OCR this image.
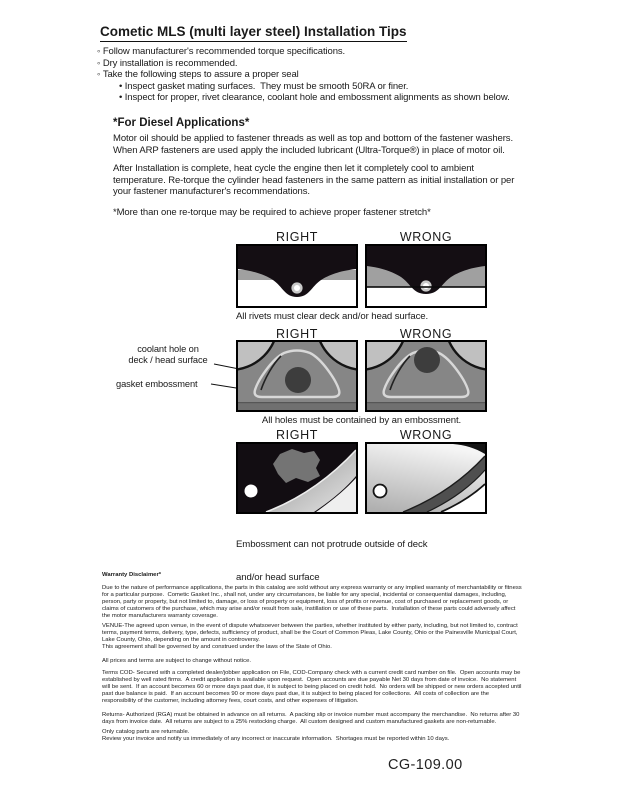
Cometic MLS (multi layer steel) Installation Tips
◦ Follow manufacturer's recommended torque specifications.
◦ Dry installation is recommended.
◦ Take the following steps to assure a proper seal
• Inspect gasket mating surfaces.  They must be smooth 50RA or finer.
• Inspect for proper, rivet clearance, coolant hole and embossment alignments as shown below.
*For Diesel Applications*
Motor oil should be applied to fastener threads as well as top and bottom of the fastener washers. When ARP fasteners are used apply the included lubricant (Ultra-Torque®) in place of motor oil.
After Installation is complete, heat cycle the engine then let it completely cool to ambient temperature. Re-torque the cylinder head fasteners in the same pattern as initial installation or per your fastener manufacturer's recommendations.
*More than one re-torque may be required to achieve proper fastener stretch*
RIGHT	WRONG
All rivets must clear deck and/or head surface.
RIGHT	WRONG
coolant hole on
deck / head surface
gasket embossment
All holes must be contained by an embossment.
RIGHT	WRONG

Embossment can not protrude outside of deck

and/or head surface

Warranty Disclaimer*
Due to the nature of performance applications, the parts in this catalog are sold without any express warranty or any implied warranty of merchantability or fitness for a particular purpose.  Cometic Gasket Inc., shall not, under any circumstances, be liable for any special, incidental or consequential damages, including, person, party or property, but not limited to, damage, or loss of property or equipment, loss of profits or revenue, cost of purchased or replacement goods, or claims of customers of the purchase, which may arise and/or result from sale, instillation or use of these parts.  Installation of these parts could adversely affect the motor manufacturers warranty coverage.
VENUE-The agreed upon venue, in the event of dispute whatsoever between the parties, whether instituted by either party, including, but not limited to, contract terms, payment terms, delivery, type, defects, sufficiency of product, shall be the Court of Common Pleas, Lake County, Ohio or the Painesville Municipal Court, Lake County, Ohio, depending on the amount in controversy.
This agreement shall be governed by and construed under the laws of the State of Ohio.
All prices and terms are subject to change without notice.
Terms COD- Secured with a completed dealer/jobber application on File, COD-Company check with a current credit card number on file.  Open accounts may be established by well rated firms.  A credit application is available upon request.  Open accounts are due payable Net 30 days from date of invoice.  No statement will be sent.  If an account becomes 60 or more days past due, it is subject to being placed on credit hold.  No orders will be shipped or new orders accepted until past due balance is paid.  If an account becomes 90 or more days past due, it is subject to being placed for collections.  All costs of collection are the responsibility of the customer, including attorney fees, court costs, and other expenses of litigation.
Returns- Authorized (RGA) must be obtained in advance on all returns.  A packing slip or invoice number must accompany the merchandise.  No returns after 30 days from invoice date.  All returns are subject to a 25% restocking charge.  All custom designed and custom manufactured gaskets are non-returnable.
Only catalog parts are returnable.
Review your invoice and notify us immediately of any incorrect or inaccurate information.  Shortages must be reported within 10 days.
CG-109.00
